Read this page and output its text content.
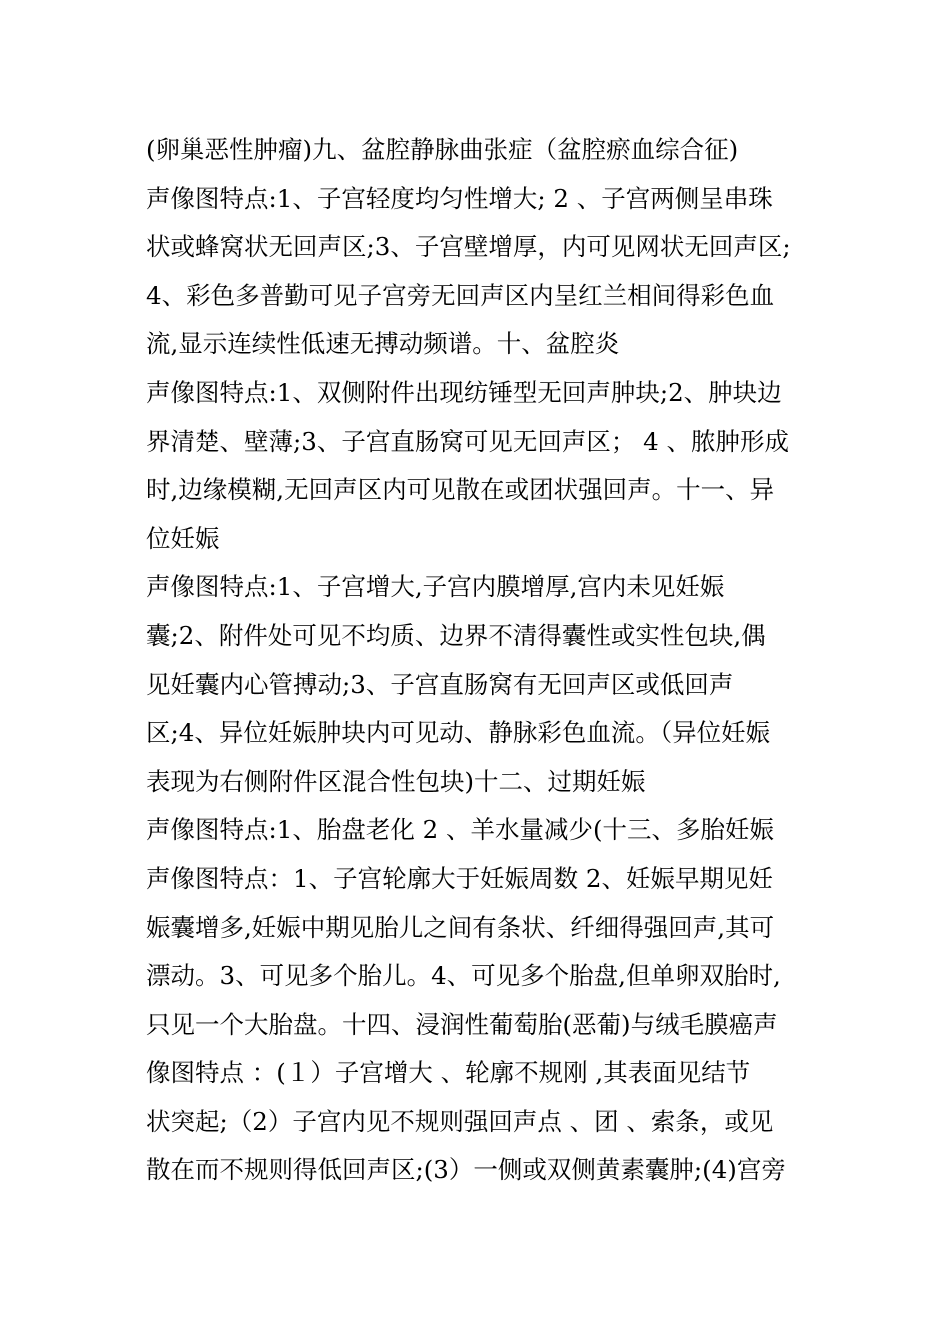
(卵巢恶性肿瘤)九、盆腔静脉曲张症（盆腔瘀血综合征)
声像图特点:1、子宫轻度均匀性增大; 2 、子宫两侧呈串珠
状或蜂窝状无回声区;3、子宫壁增厚，内可见网状无回声区;
4、彩色多普勤可见子宫旁无回声区内呈红兰相间得彩色血
流,显示连续性低速无搏动频谱。十、盆腔炎
声像图特点:1、双侧附件出现纺锤型无回声肿块;2、肿块边
界清楚、壁薄;3、子宫直肠窝可见无回声区； 4 、脓肿形成
时,边缘模糊,无回声区内可见散在或团状强回声。十一、异
位妊娠
声像图特点:1、子宫增大,子宫内膜增厚,宫内未见妊娠
囊;2、附件处可见不均质、边界不清得囊性或实性包块,偶
见妊囊内心管搏动;3、子宫直肠窝有无回声区或低回声
区;4、异位妊娠肿块内可见动、静脉彩色血流。（异位妊娠
表现为右侧附件区混合性包块)十二、过期妊娠
声像图特点:1、胎盘老化 2 、羊水量减少(十三、多胎妊娠
声像图特点：1、子宫轮廓大于妊娠周数 2、妊娠早期见妊
娠囊增多,妊娠中期见胎儿之间有条状、纤细得强回声,其可
漂动。3、可见多个胎儿。4、可见多个胎盘,但单卵双胎时,
只见一个大胎盘。十四、浸润性葡萄胎(恶葡)与绒毛膜癌声
像图特点 ：(１）子宫增大 、轮廓不规刚 ,其表面见结节
状突起;（2）子宫内见不规则强回声点 、团 、索条，或见
散在而不规则得低回声区;(3）一侧或双侧黄素囊肿;(4)宫旁
